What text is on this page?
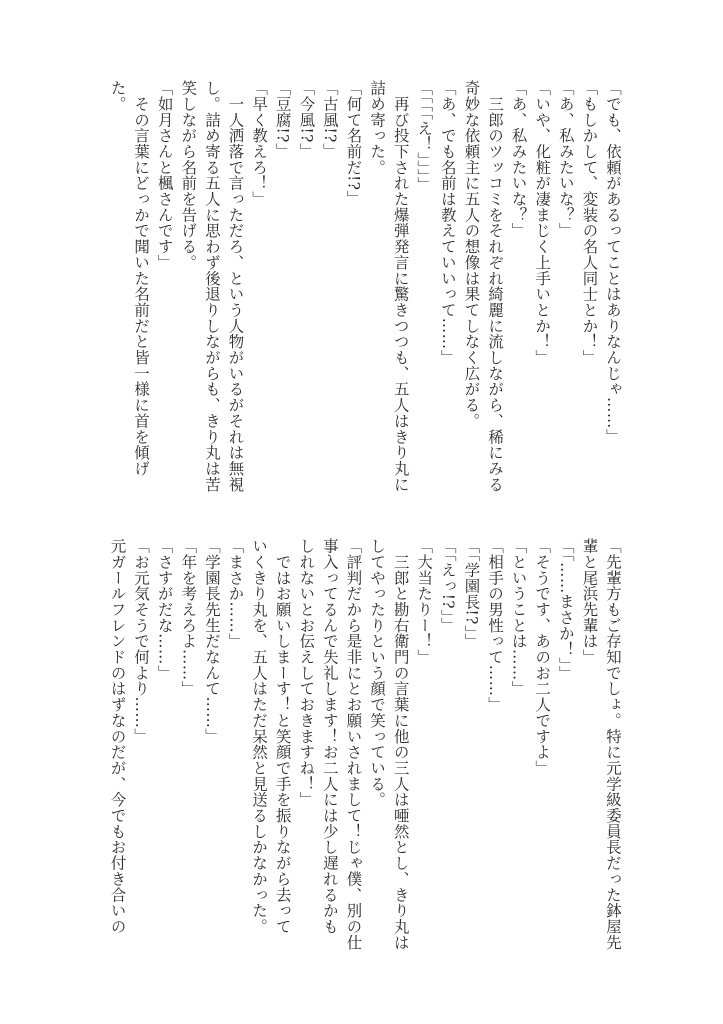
「でも、依頼があるってことはありなんじゃ……」
「もしかして、変装の名人同士とか！」
「あ、私みたいな？」
「いや、化粧が凄まじく上手いとか！」
「あ、私みたいな？」
　三郎のツッコミをそれぞれ綺麗に流しながら、稀にみる
奇妙な依頼主に五人の想像は果てしなく広がる。
「あ、でも名前は教えていいって……」
「「「「え！」」」」
　再び投下された爆弾発言に驚きつつも、五人はきり丸に
詰め寄った。
「何て名前だ!?」
「古風!?」
「今風!?」
「豆腐!?」
「早く教えろ！」
　一人洒落で言っただろ、という人物がいるがそれは無視
し。詰め寄る五人に思わず後退りしながらも、きり丸は苦
笑しながら名前を告げる。
「如月さんと楓さんです」
　その言葉にどっかで聞いた名前だと皆一様に首を傾げ
た。
「先輩方もご存知でしょ。特に元学級委員長だった鉢屋先
輩と尾浜先輩は」
「「……まさか！」」
「そうです、あのお二人ですよ」
「ということは……」
「相手の男性って……」
「「学園長!?」」
「「えっ!?」」
「大当たりー！」
　三郎と勘右衛門の言葉に他の三人は唖然とし、きり丸は
してやったりという顔で笑っている。
「評判だから是非にとお願いされまして！じゃ僕、別の仕
事入ってるんで失礼します！お二人には少し遅れるかも
しれないとお伝えしておきますね！」
　ではお願いしまーす！と笑顔で手を振りながら去って
いくきり丸を、五人はただ呆然と見送るしかなかった。
「まさか……」
「学園長先生だなんて……」
「年を考えろよ……」
「さすがだな……」
「お元気そうで何より……」
元ガールフレンドのはずなのだが、今でもお付き合いの
